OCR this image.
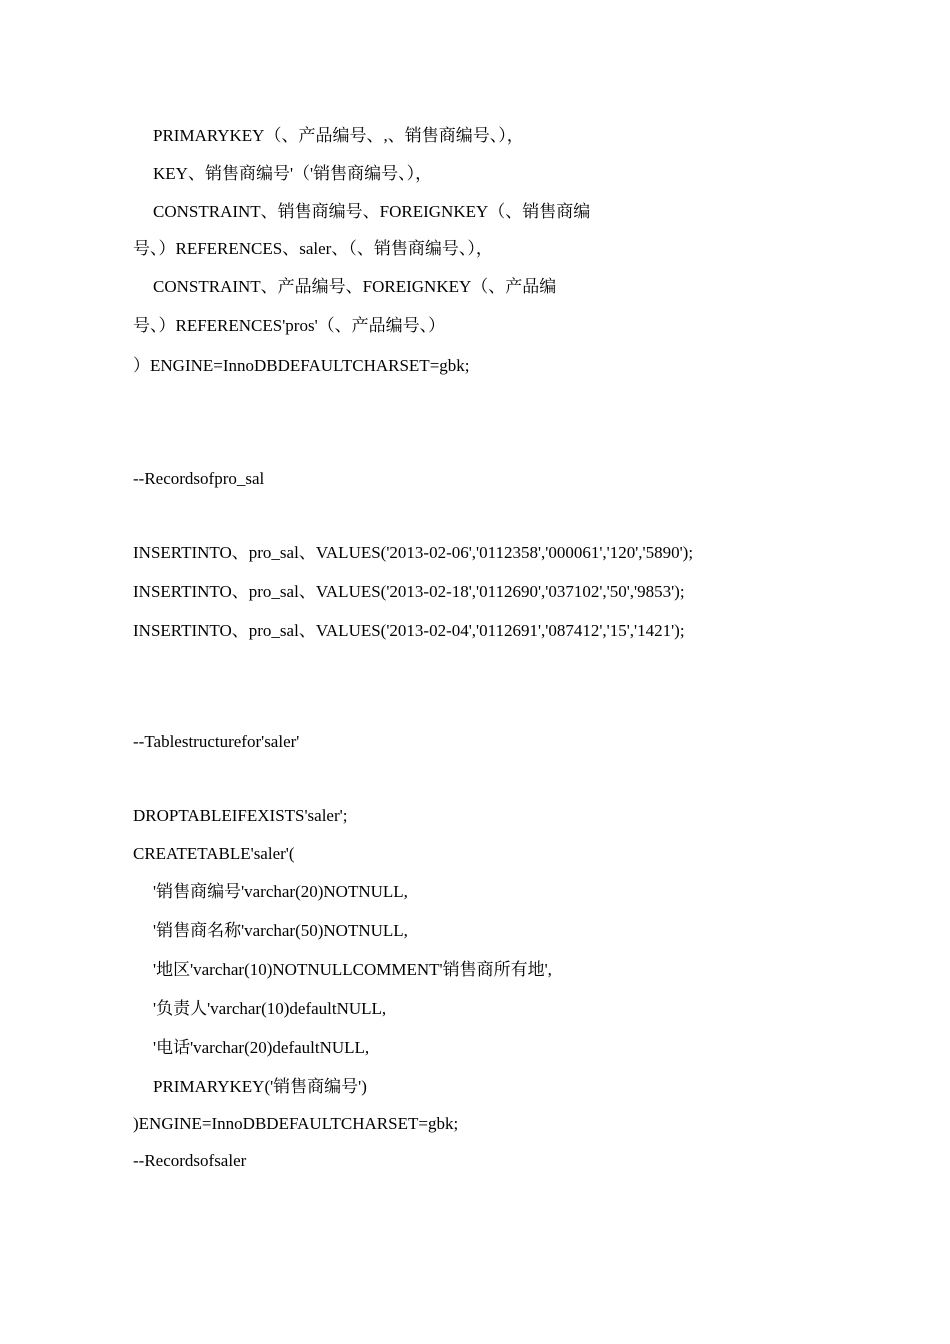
PRIMARYKEY（、产品编号、,、销售商编号、），
KEY、销售商编号'（'销售商编号、），
CONSTRAINT、销售商编号、FOREIGNKEY（、销售商编
号、）REFERENCES、saler、（、销售商编号、），
CONSTRAINT、产品编号、FOREIGNKEY（、产品编
号、）REFERENCES'pros'（、产品编号、）
）ENGINE=InnoDBDEFAULTCHARSET=gbk;
--Recordsofpro_sal
INSERTINTO、pro_sal、VALUES('2013-02-06','0112358','000061','120','5890');
INSERTINTO、pro_sal、VALUES('2013-02-18','0112690','037102','50','9853');
INSERTINTO、pro_sal、VALUES('2013-02-04','0112691','087412','15','1421');
--Tablestructurefor'saler'
DROPTABLEIFEXISTS'saler';
CREATETABLE'saler'(
'销售商编号'varchar(20)NOTNULL,
'销售商名称'varchar(50)NOTNULL,
'地区'varchar(10)NOTNULLCOMMENT'销售商所有地',
'负责人'varchar(10)defaultNULL,
'电话'varchar(20)defaultNULL,
PRIMARYKEY('销售商编号')
)ENGINE=InnoDBDEFAULTCHARSET=gbk;
--Recordsofsaler
